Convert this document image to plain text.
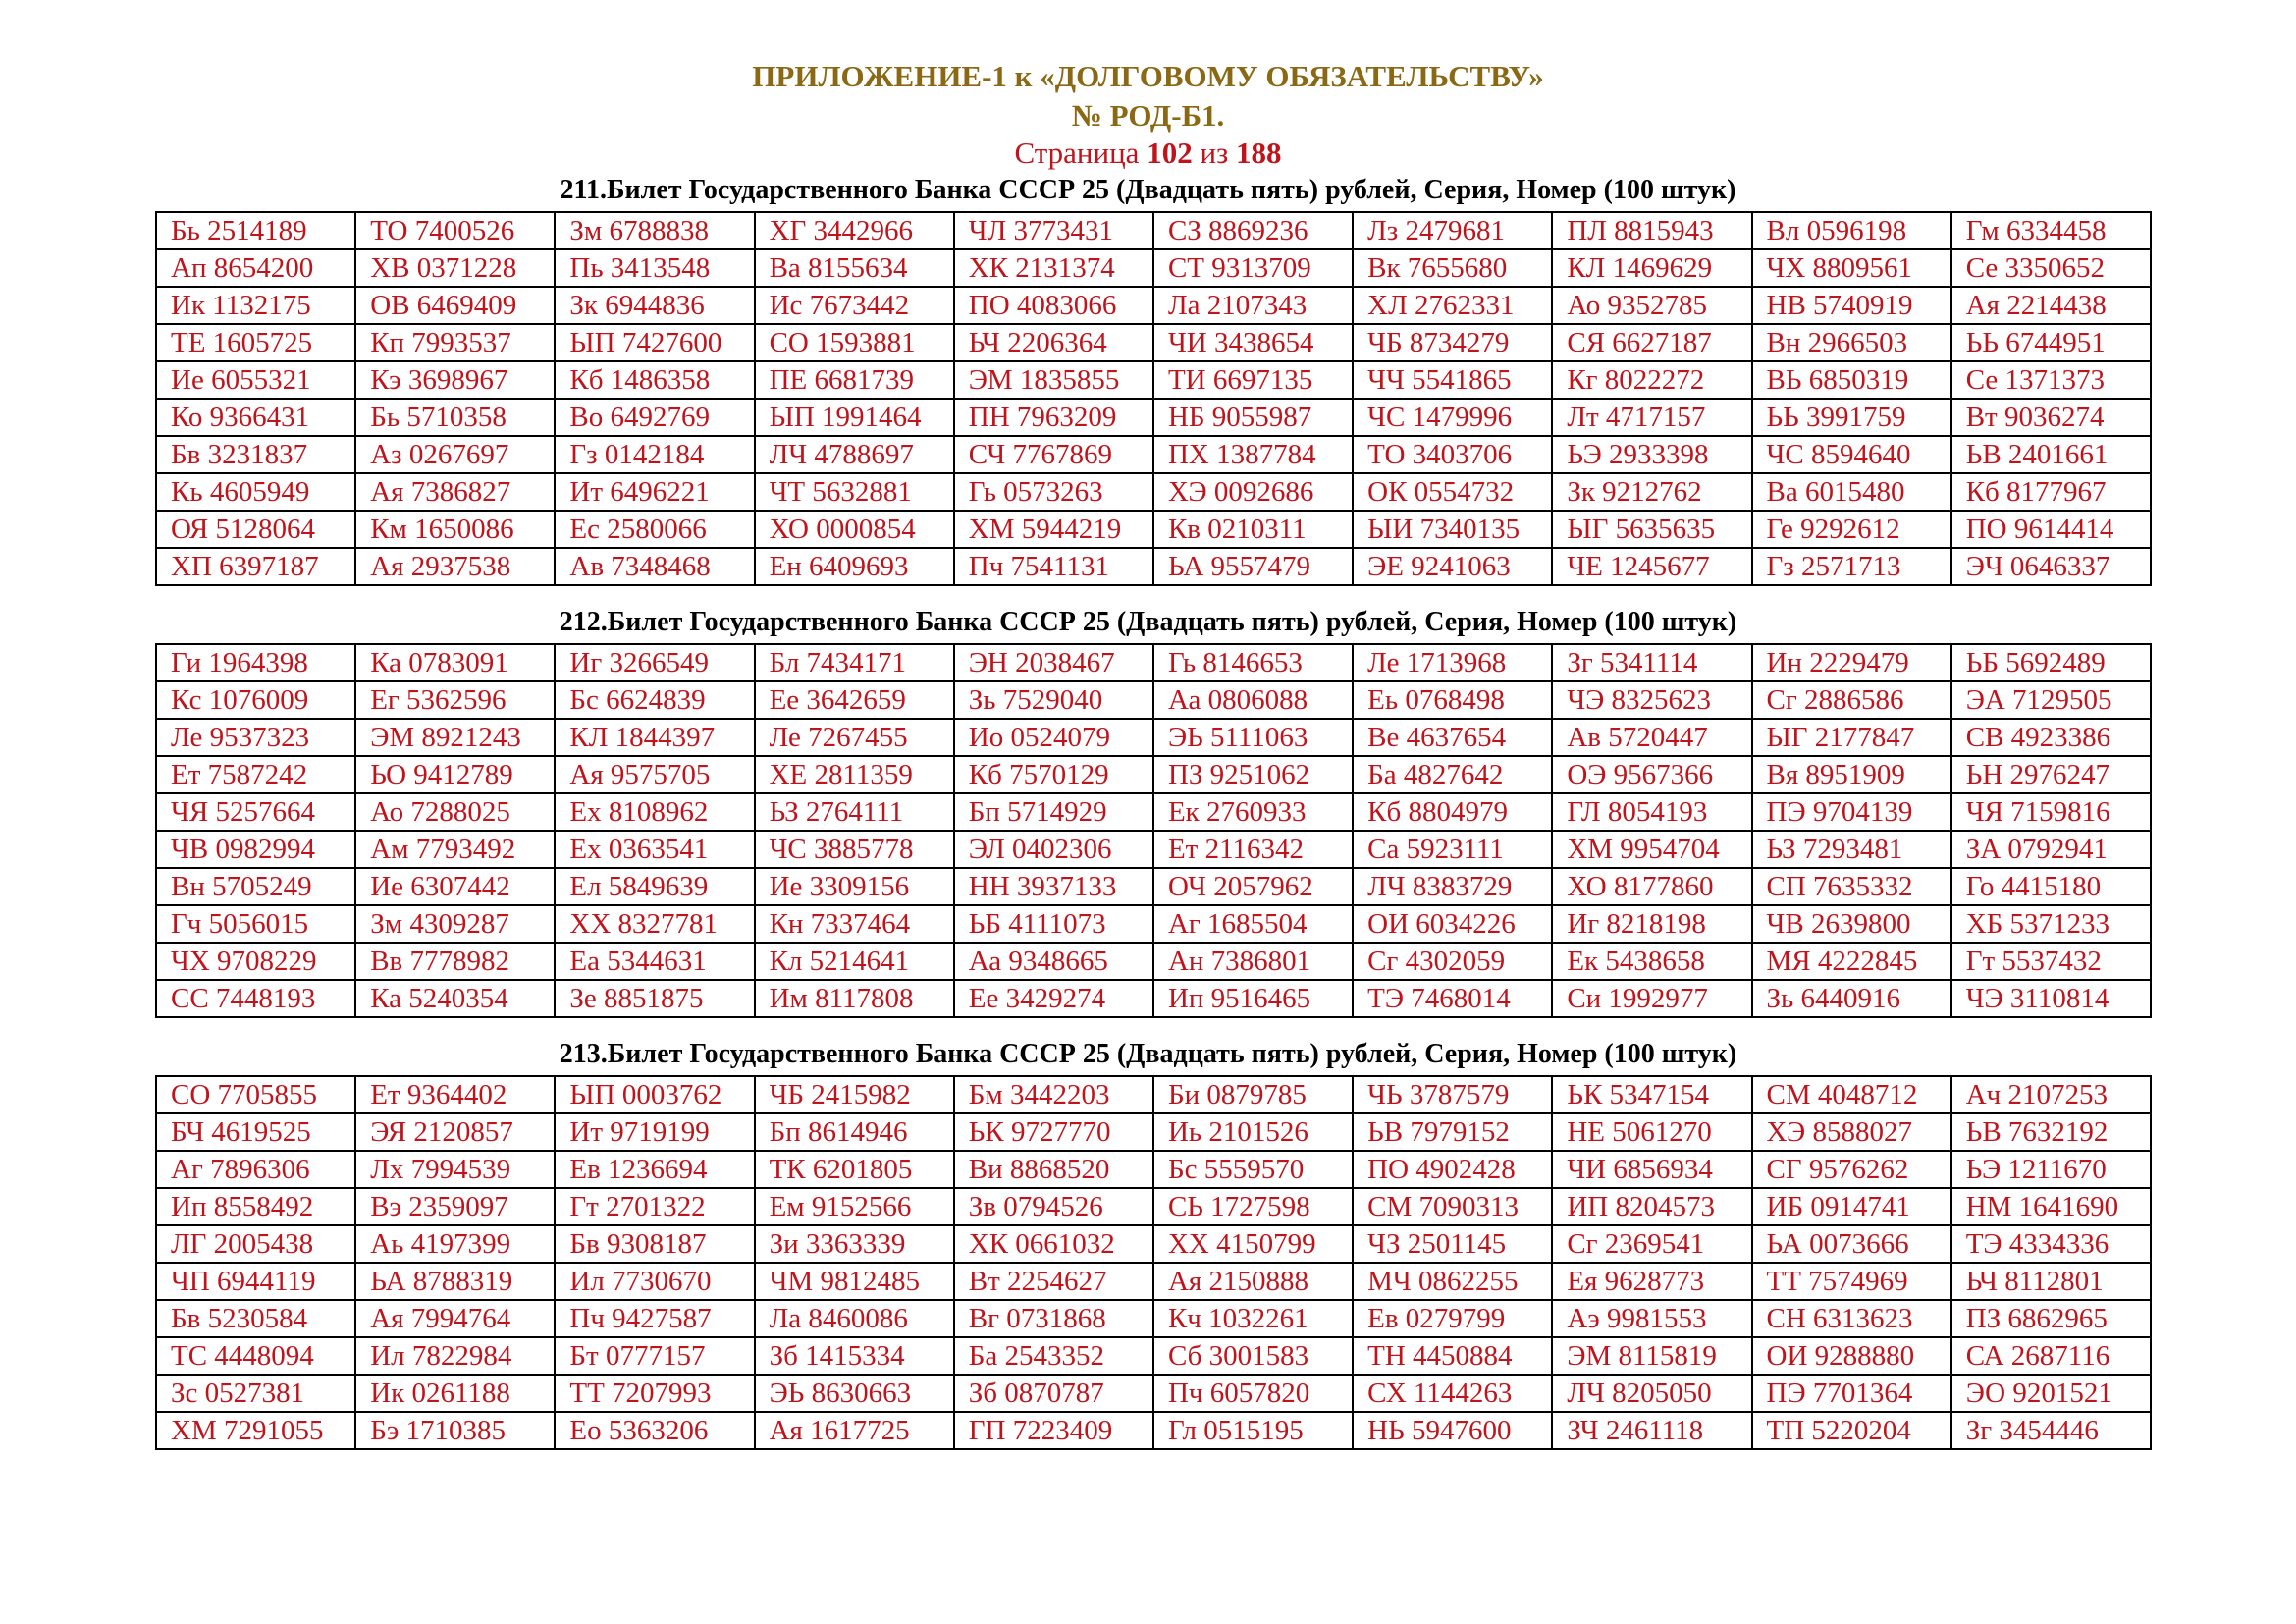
ПРИЛОЖЕНИЕ-1 к «ДОЛГОВОМУ ОБЯЗАТЕЛЬСТВУ»
№ РОД-Б1.
Страница 102 из 188
211.Билет Государственного Банка СССР 25 (Двадцать пять) рублей, Серия, Номер (100 штук)
Бь 2514189	ТО 7400526	Зм 6788838	ХГ 3442966	ЧЛ 3773431	СЗ 8869236	Лз 2479681	ПЛ 8815943	Вл 0596198	Гм 6334458
Ап 8654200	ХВ 0371228	Пь 3413548	Ва 8155634	ХК 2131374	СТ 9313709	Вк 7655680	КЛ 1469629	ЧХ 8809561	Се 3350652
Ик 1132175	ОВ 6469409	Зк 6944836	Ис 7673442	ПО 4083066	Ла 2107343	ХЛ 2762331	Ао 9352785	НВ 5740919	Ая 2214438
ТЕ 1605725	Кп 7993537	ЫП 7427600	СО 1593881	ЬЧ 2206364	ЧИ 3438654	ЧБ 8734279	СЯ 6627187	Вн 2966503	ЬЬ 6744951
Ие 6055321	Кэ 3698967	Кб 1486358	ПЕ 6681739	ЭМ 1835855	ТИ 6697135	ЧЧ 5541865	Кг 8022272	ВЬ 6850319	Се 1371373
Ко 9366431	Бь 5710358	Во 6492769	ЫП 1991464	ПН 7963209	НБ 9055987	ЧС 1479996	Лт 4717157	ЬЬ 3991759	Вт 9036274
Бв 3231837	Аз 0267697	Гз 0142184	ЛЧ 4788697	СЧ 7767869	ПХ 1387784	ТО 3403706	ЬЭ 2933398	ЧС 8594640	ЬВ 2401661
Кь 4605949	Ая 7386827	Ит 6496221	ЧТ 5632881	Гь 0573263	ХЭ 0092686	ОК 0554732	Зк 9212762	Ва 6015480	Кб 8177967
ОЯ 5128064	Км 1650086	Ес 2580066	ХО 0000854	ХМ 5944219	Кв 0210311	ЫИ 7340135	ЫГ 5635635	Ге 9292612	ПО 9614414
ХП 6397187	Ая 2937538	Ав 7348468	Ен 6409693	Пч 7541131	ЬА 9557479	ЭЕ 9241063	ЧЕ 1245677	Гз 2571713	ЭЧ 0646337
212.Билет Государственного Банка СССР 25 (Двадцать пять) рублей, Серия, Номер (100 штук)
Ги 1964398	Ка 0783091	Иг 3266549	Бл 7434171	ЭН 2038467	Гь 8146653	Ле 1713968	Зг 5341114	Ин 2229479	ЬБ 5692489
Кс 1076009	Ег 5362596	Бс 6624839	Ее 3642659	Зь 7529040	Аа 0806088	Еь 0768498	ЧЭ 8325623	Сг 2886586	ЭА 7129505
Ле 9537323	ЭМ 8921243	КЛ 1844397	Ле 7267455	Ио 0524079	ЭЬ 5111063	Ве 4637654	Ав 5720447	ЫГ 2177847	СВ 4923386
Ет 7587242	ЬО 9412789	Ая 9575705	ХЕ 2811359	Кб 7570129	ПЗ 9251062	Ба 4827642	ОЭ 9567366	Вя 8951909	ЬН 2976247
ЧЯ 5257664	Ао 7288025	Ех 8108962	ЬЗ 2764111	Бп 5714929	Ек 2760933	Кб 8804979	ГЛ 8054193	ПЭ 9704139	ЧЯ 7159816
ЧВ 0982994	Ам 7793492	Ех 0363541	ЧС 3885778	ЭЛ 0402306	Ет 2116342	Са 5923111	ХМ 9954704	ЬЗ 7293481	ЗА 0792941
Вн 5705249	Ие 6307442	Ел 5849639	Ие 3309156	НН 3937133	ОЧ 2057962	ЛЧ 8383729	ХО 8177860	СП 7635332	Го 4415180
Гч 5056015	Зм 4309287	ХХ 8327781	Кн 7337464	ЬБ 4111073	Аг 1685504	ОИ 6034226	Иг 8218198	ЧВ 2639800	ХБ 5371233
ЧХ 9708229	Вв 7778982	Еа 5344631	Кл 5214641	Аа 9348665	Ан 7386801	Сг 4302059	Ек 5438658	МЯ 4222845	Гт 5537432
СС 7448193	Ка 5240354	Зе 8851875	Им 8117808	Ее 3429274	Ип 9516465	ТЭ 7468014	Си 1992977	Зь 6440916	ЧЭ 3110814
213.Билет Государственного Банка СССР 25 (Двадцать пять) рублей, Серия, Номер (100 штук)
СО 7705855	Ет 9364402	ЫП 0003762	ЧБ 2415982	Бм 3442203	Би 0879785	ЧЬ 3787579	ЬК 5347154	СМ 4048712	Ач 2107253
БЧ 4619525	ЭЯ 2120857	Ит 9719199	Бп 8614946	ЬК 9727770	Иь 2101526	ЬВ 7979152	НЕ 5061270	ХЭ 8588027	ЬВ 7632192
Аг 7896306	Лх 7994539	Ев 1236694	ТК 6201805	Ви 8868520	Бс 5559570	ПО 4902428	ЧИ 6856934	СГ 9576262	ЬЭ 1211670
Ип 8558492	Вэ 2359097	Гт 2701322	Ем 9152566	Зв 0794526	СЬ 1727598	СМ 7090313	ИП 8204573	ИБ 0914741	НМ 1641690
ЛГ 2005438	Аь 4197399	Бв 9308187	Зи 3363339	ХК 0661032	ХХ 4150799	ЧЗ 2501145	Сг 2369541	ЬА 0073666	ТЭ 4334336
ЧП 6944119	ЬА 8788319	Ил 7730670	ЧМ 9812485	Вт 2254627	Ая 2150888	МЧ 0862255	Ея 9628773	ТТ 7574969	ЬЧ 8112801
Бв 5230584	Ая 7994764	Пч 9427587	Ла 8460086	Вг 0731868	Кч 1032261	Ев 0279799	Аэ 9981553	СН 6313623	ПЗ 6862965
ТС 4448094	Ил 7822984	Бт 0777157	Зб 1415334	Ба 2543352	Сб 3001583	ТН 4450884	ЭМ 8115819	ОИ 9288880	СА 2687116
Зс 0527381	Ик 0261188	ТТ 7207993	ЭЬ 8630663	Зб 0870787	Пч 6057820	СХ 1144263	ЛЧ 8205050	ПЭ 7701364	ЭО 9201521
ХМ 7291055	Бэ 1710385	Ео 5363206	Ая 1617725	ГП 7223409	Гл 0515195	НЬ 5947600	ЗЧ 2461118	ТП 5220204	Зг 3454446
